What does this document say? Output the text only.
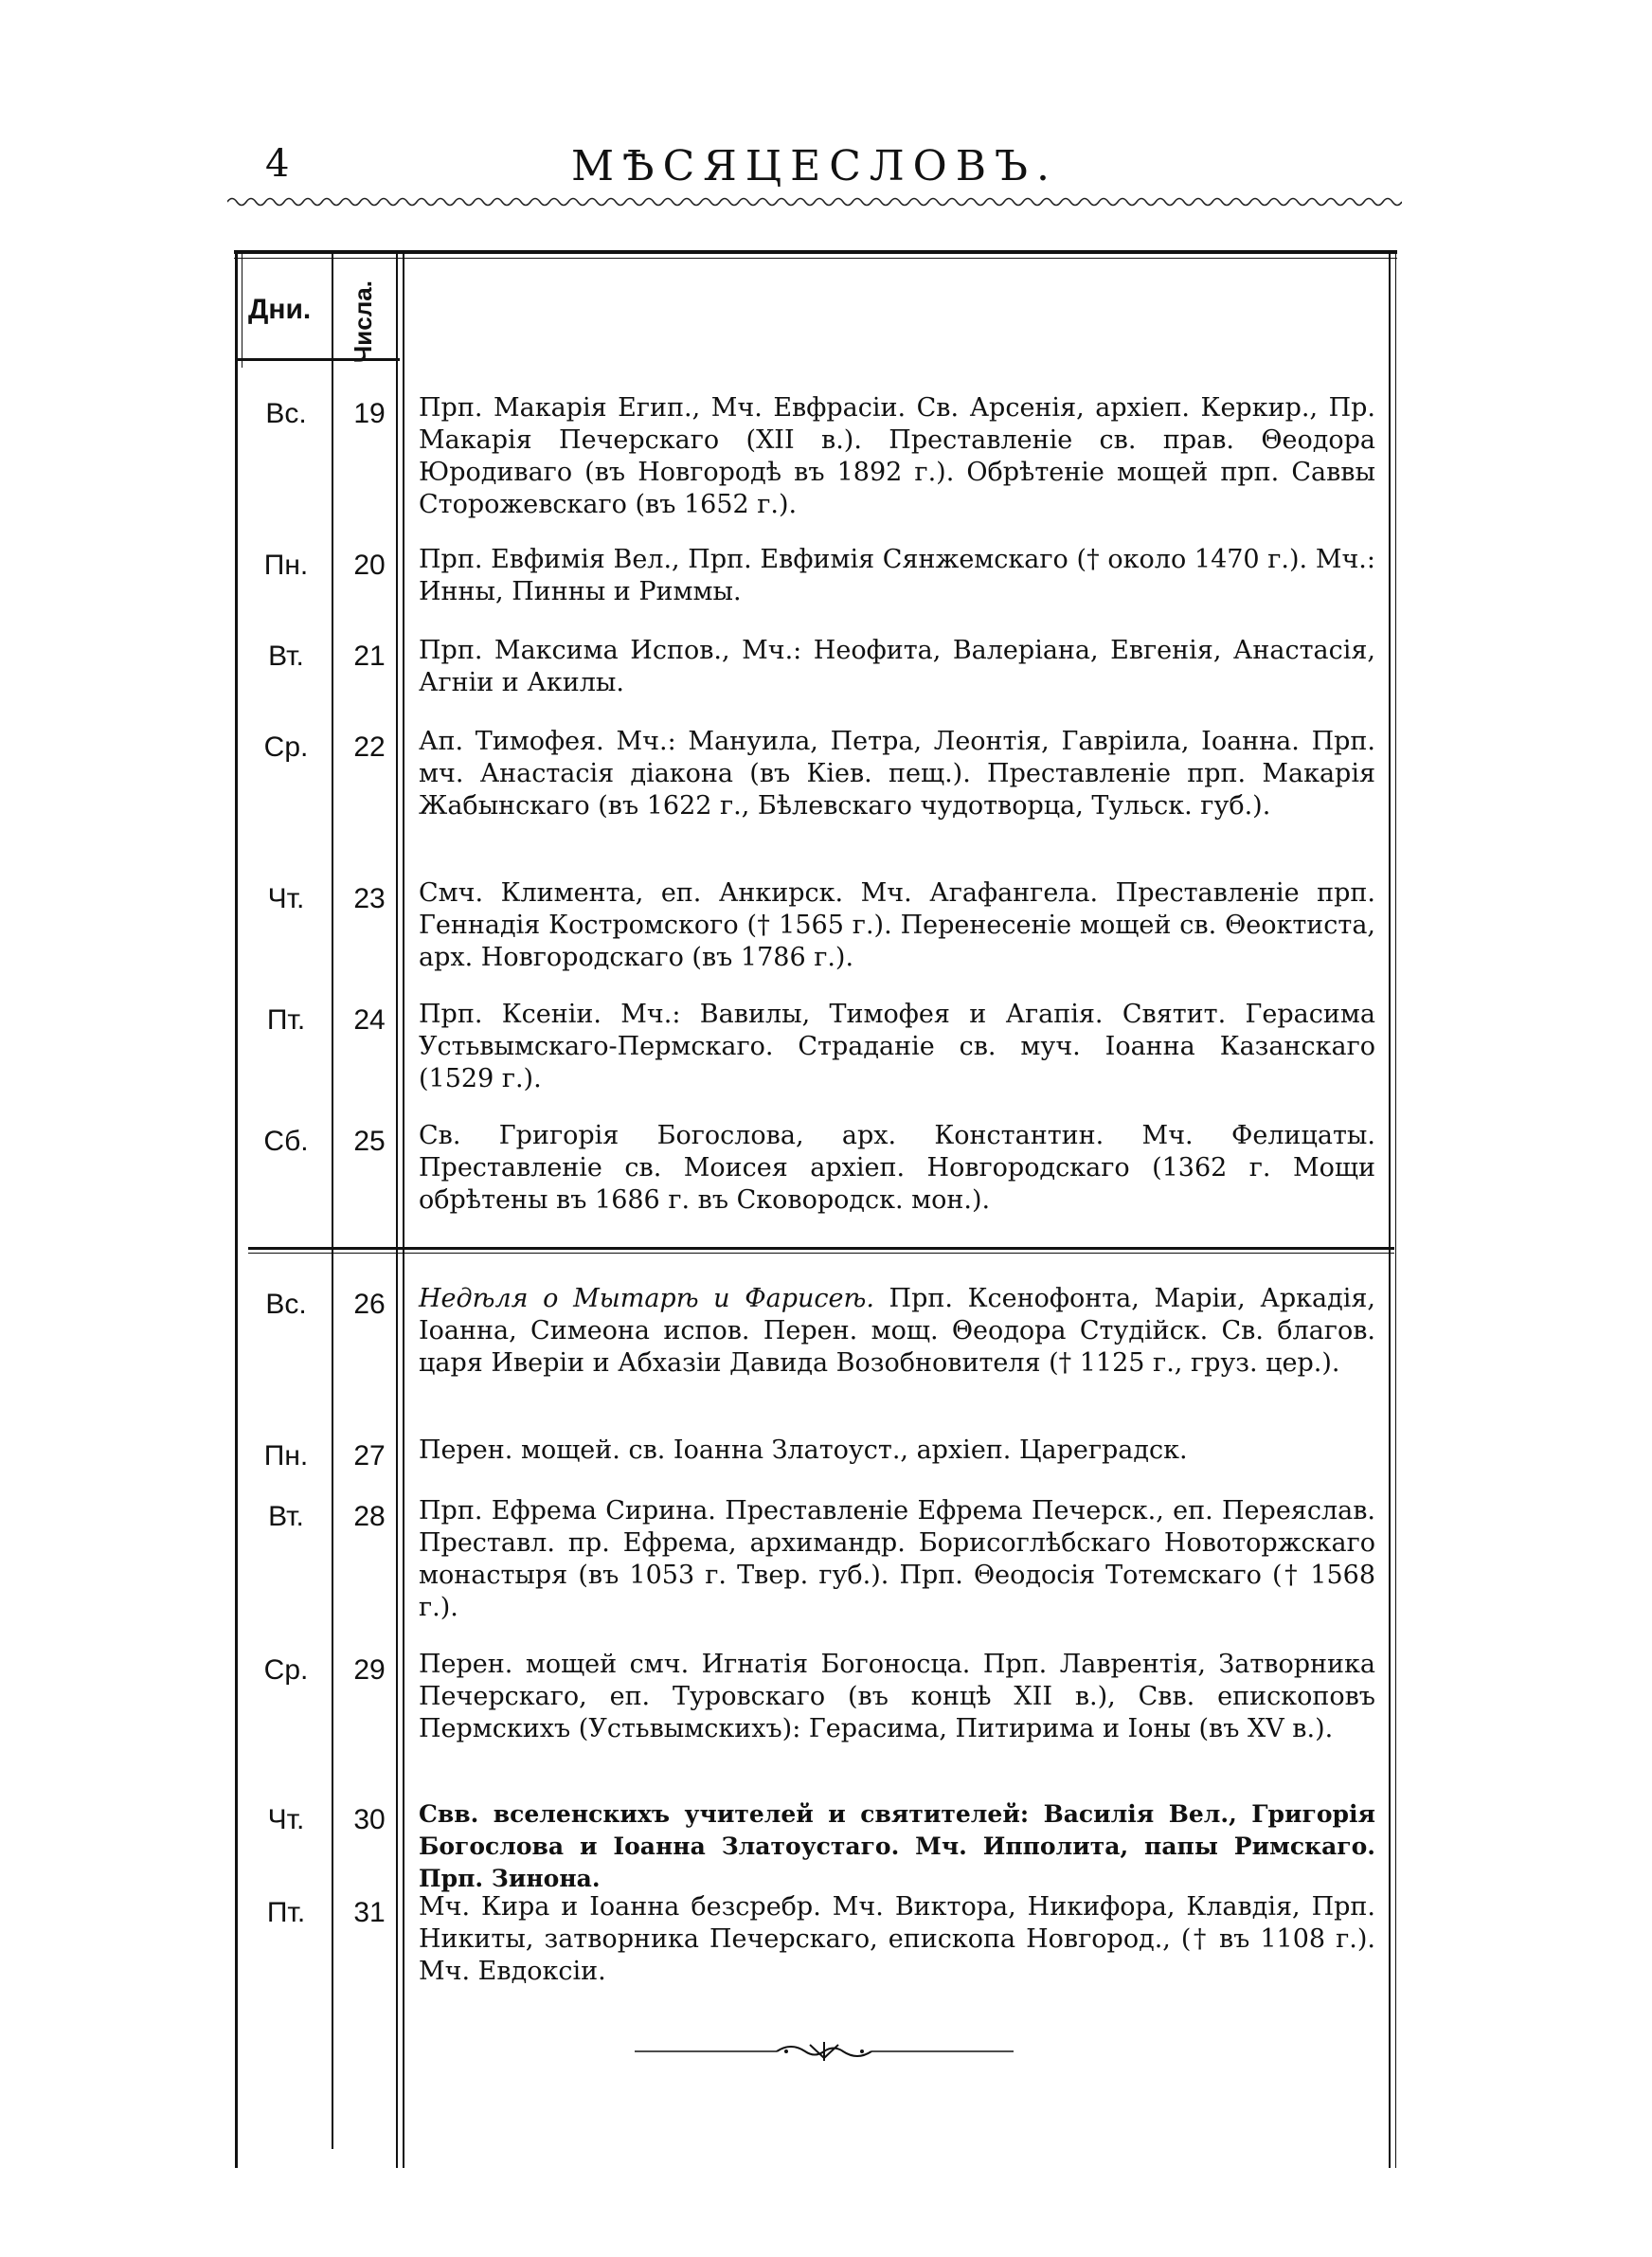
4	МѢСЯЦЕСЛОВЪ.
Дни. Числа.
Вс.	19	Прп. Макарія Егип., Мч. Евфрасіи. Св. Арсенія, архіеп. Керкир., Пр. Макарія Печерскаго (XII в.). Преставленіе св. прав. Θеодора Юродиваго (въ Новгородѣ въ 1892 г.). Обрѣтеніе мощей прп. Саввы Сторожевскаго (въ 1652 г.).
Пн.	20	Прп. Евфимія Вел., Прп. Евфимія Сянжемскаго († около 1470 г.). Мч.: Инны, Пинны и Риммы.
Вт.	21	Прп. Максима Испов., Мч.: Неофита, Валеріана, Евгенія, Анастасія, Агніи и Акилы.
Ср.	22	Ап. Тимофея. Мч.: Мануила, Петра, Леонтія, Гавріила, Іоанна. Прп. мч. Анастасія діакона (въ Кіев. пещ.). Преставленіе прп. Макарія Жабынскаго (въ 1622 г., Бѣлевскаго чудотворца, Тульск. губ.).
Чт.	23	Смч. Климента, еп. Анкирск. Мч. Агафангела. Преставленіе прп. Геннадія Костромского († 1565 г.). Перенесеніе мощей св. Θеоктиста, арх. Новгородскаго (въ 1786 г.).
Пт.	24	Прп. Ксеніи. Мч.: Вавилы, Тимофея и Агапія. Святит. Герасима Устьвымскаго-Пермскаго. Страданіе св. муч. Іоанна Казанскаго (1529 г.).
Сб.	25	Св. Григорія Богослова, арх. Константин. Мч. Фелицаты. Преставленіе св. Моисея архіеп. Новгородскаго (1362 г. Мощи обрѣтены въ 1686 г. въ Сковородск. мон.).
Вс.	26	Недѣля о Мытарѣ и Фарисеѣ. Прп. Ксенофонта, Маріи, Аркадія, Іоанна, Симеона испов. Перен. мощ. Θеодора Студійск. Св. благов. царя Иверіи и Абхазіи Давида Возобновителя († 1125 г., груз. цер.).
Пн.	27	Перен. мощей. св. Іоанна Златоуст., архіеп. Цареградск.
Вт.	28	Прп. Ефрема Сирина. Преставленіе Ефрема Печерск., еп. Переяслав. Преставл. пр. Ефрема, архимандр. Борисоглѣбскаго Новоторжскаго монастыря (въ 1053 г. Твер. губ.). Прп. Θеодосія Тотемскаго († 1568 г.).
Ср.	29	Перен. мощей смч. Игнатія Богоносца. Прп. Лаврентія, Затворника Печерскаго, еп. Туровскаго (въ концѣ XII в.), Свв. епископовъ Пермскихъ (Устьвымскихъ): Герасима, Питирима и Іоны (въ XV в.).
Чт.	30	Свв. вселенскихъ учителей и святителей: Василія Вел., Григорія Богослова и Іоанна Златоустаго. Мч. Ипполита, папы Римскаго. Прп. Зинона.
Пт.	31	Мч. Кира и Іоанна безсребр. Мч. Виктора, Никифора, Клавдія, Прп. Никиты, затворника Печерскаго, епископа Новгород., († въ 1108 г.). Мч. Евдоксіи.
